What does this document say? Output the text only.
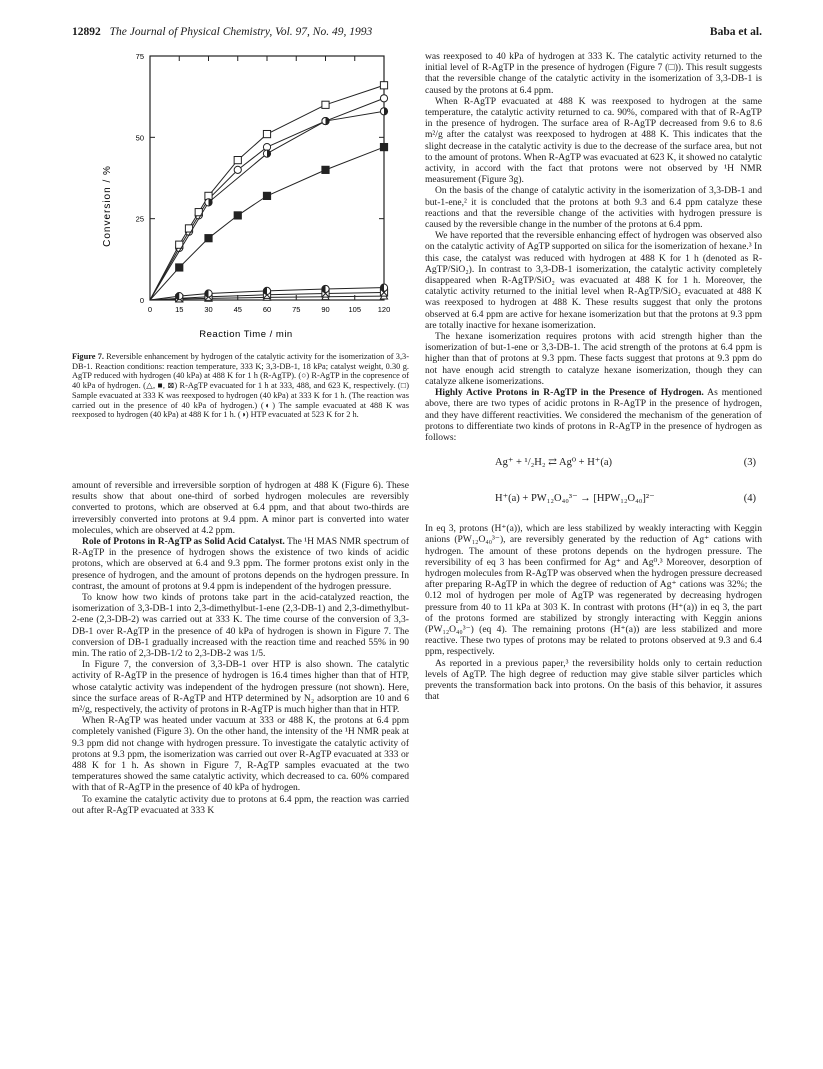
12892 The Journal of Physical Chemistry, Vol. 97, No. 49, 1993	Baba et al.
0	15	30	45	60	75	90	105 120
0
25
50
75
Conversion / %
Reaction Time / min
Figure 7. Reversible enhancement by hydrogen of the catalytic activity for the isomerization of 3,3-DB-1. Reaction conditions: reaction temperature, 333 K; 3,3-DB-1, 18 kPa; catalyst weight, 0.30 g. AgTP reduced with hydrogen (40 kPa) at 488 K for 1 h (R-AgTP). (○) R-AgTP in the copresence of 40 kPa of hydrogen. (△, ■, ⊠) R-AgTP evacuated for 1 h at 333, 488, and 623 K, respectively. (□) Sample evacuated at 333 K was reexposed to hydrogen (40 kPa) at 333 K for 1 h. (The reaction was carried out in the presence of 40 kPa of hydrogen.) (◐) The sample evacuated at 488 K was reexposed to hydrogen (40 kPa) at 488 K for 1 h. (◑) HTP evacuated at 523 K for 2 h.

amount of reversible and irreversible sorption of hydrogen at 488 K (Figure 6). These results show that about one-third of sorbed hydrogen molecules are reversibly converted to protons, which are observed at 6.4 ppm, and that about two-thirds are irreversibly converted into protons at 9.4 ppm. A minor part is converted into water molecules, which are observed at 4.2 ppm.

Role of Protons in R-AgTP as Solid Acid Catalyst. The ¹H MAS NMR spectrum of R-AgTP in the presence of hydrogen shows the existence of two kinds of acidic protons, which are observed at 6.4 and 9.3 ppm. The former protons exist only in the presence of hydrogen, and the amount of protons depends on the hydrogen pressure. In contrast, the amount of protons at 9.4 ppm is independent of the hydrogen pressure.

To know how two kinds of protons take part in the acid-catalyzed reaction, the isomerization of 3,3-DB-1 into 2,3-dimethylbut-1-ene (2,3-DB-1) and 2,3-dimethylbut-2-ene (2,3-DB-2) was carried out at 333 K. The time course of the conversion of 3,3-DB-1 over R-AgTP in the presence of 40 kPa of hydrogen is shown in Figure 7. The conversion of DB-1 gradually increased with the reaction time and reached 55% in 90 min. The ratio of 2,3-DB-1/2 to 2,3-DB-2 was 1/5.

In Figure 7, the conversion of 3,3-DB-1 over HTP is also shown. The catalytic activity of R-AgTP in the presence of hydrogen is 16.4 times higher than that of HTP, whose catalytic activity was independent of the hydrogen pressure (not shown). Here, since the surface areas of R-AgTP and HTP determined by N₂ adsorption are 10 and 6 m²/g, respectively, the activity of protons in R-AgTP is much higher than that in HTP.

When R-AgTP was heated under vacuum at 333 or 488 K, the protons at 6.4 ppm completely vanished (Figure 3). On the other hand, the intensity of the ¹H NMR peak at 9.3 ppm did not change with hydrogen pressure. To investigate the catalytic activity of protons at 9.3 ppm, the isomerization was carried out over R-AgTP evacuated at 333 or 488 K for 1 h. As shown in Figure 7, R-AgTP samples evacuated at the two temperatures showed the same catalytic activity, which decreased to ca. 60% compared with that of R-AgTP in the presence of 40 kPa of hydrogen.

To examine the catalytic activity due to protons at 6.4 ppm, the reaction was carried out after R-AgTP evacuated at 333 K

was reexposed to 40 kPa of hydrogen at 333 K. The catalytic activity returned to the initial level of R-AgTP in the presence of hydrogen (Figure 7 (□)). This result suggests that the reversible change of the catalytic activity in the isomerization of 3,3-DB-1 is caused by the protons at 6.4 ppm.

When R-AgTP evacuated at 488 K was reexposed to hydrogen at the same temperature, the catalytic activity returned to ca. 90%, compared with that of R-AgTP in the presence of hydrogen. The surface area of R-AgTP decreased from 9.6 to 8.6 m²/g after the catalyst was reexposed to hydrogen at 488 K. This indicates that the slight decrease in the catalytic activity is due to the decrease of the surface area, but not to the amount of protons. When R-AgTP was evacuated at 623 K, it showed no catalytic activity, in accord with the fact that protons were not observed by ¹H NMR measurement (Figure 3g).

On the basis of the change of catalytic activity in the isomerization of 3,3-DB-1 and but-1-ene,² it is concluded that the protons at both 9.3 and 6.4 ppm catalyze these reactions and that the reversible change of the activities with hydrogen pressure is caused by the reversible change in the number of the protons at 6.4 ppm.

We have reported that the reversible enhancing effect of hydrogen was observed also on the catalytic activity of AgTP supported on silica for the isomerization of hexane.³ In this case, the catalyst was reduced with hydrogen at 488 K for 1 h (denoted as R-AgTP/SiO₂). In contrast to 3,3-DB-1 isomerization, the catalytic activity completely disappeared when R-AgTP/SiO₂ was evacuated at 488 K for 1 h. Moreover, the catalytic activity returned to the initial level when R-AgTP/SiO₂ evacuated at 488 K was reexposed to hydrogen at 488 K. These results suggest that only the protons observed at 6.4 ppm are active for hexane isomerization but that the protons at 9.3 ppm are totally inactive for hexane isomerization.

The hexane isomerization requires protons with acid strength higher than the isomerization of but-1-ene or 3,3-DB-1. The acid strength of the protons at 6.4 ppm is higher than that of protons at 9.3 ppm. These facts suggest that protons at 9.3 ppm do not have enough acid strength to catalyze hexane isomerization, though they can catalyze alkene isomerizations.

Highly Active Protons in R-AgTP in the Presence of Hydrogen. As mentioned above, there are two types of acidic protons in R-AgTP in the presence of hydrogen, and they have different reactivities. We considered the mechanism of the generation of protons to differentiate two kinds of protons in R-AgTP in the presence of hydrogen as follows:

Ag⁺ + ¹/₂H₂ ⇄ Ag⁰ + H⁺(a)	(3)
H⁺(a) + PW₁₂O₄₀³⁻ → [HPW₁₂O₄₀]²⁻	(4)

In eq 3, protons (H⁺(a)), which are less stabilized by weakly interacting with Keggin anions (PW₁₂O₄₀³⁻), are reversibly generated by the reduction of Ag⁺ cations with hydrogen. The amount of these protons depends on the hydrogen pressure. The reversibility of eq 3 has been confirmed for Ag⁺ and Ag⁰.³ Moreover, desorption of hydrogen molecules from R-AgTP was observed when the hydrogen pressure decreased after preparing R-AgTP in which the degree of reduction of Ag⁺ cations was 32%; the 0.12 mol of hydrogen per mole of AgTP was regenerated by decreasing hydrogen pressure from 40 to 11 kPa at 303 K. In contrast with protons (H⁺(a)) in eq 3, the part of the protons formed are stabilized by strongly interacting with Keggin anions (PW₁₂O₄₀³⁻) (eq 4). The remaining protons (H⁺(a)) are less stabilized and more reactive. These two types of protons may be related to protons observed at 9.3 and 6.4 ppm, respectively.

As reported in a previous paper,³ the reversibility holds only to certain reduction levels of AgTP. The high degree of reduction may give stable silver particles which prevents the transformation back into protons. On the basis of this behavior, it assures that
